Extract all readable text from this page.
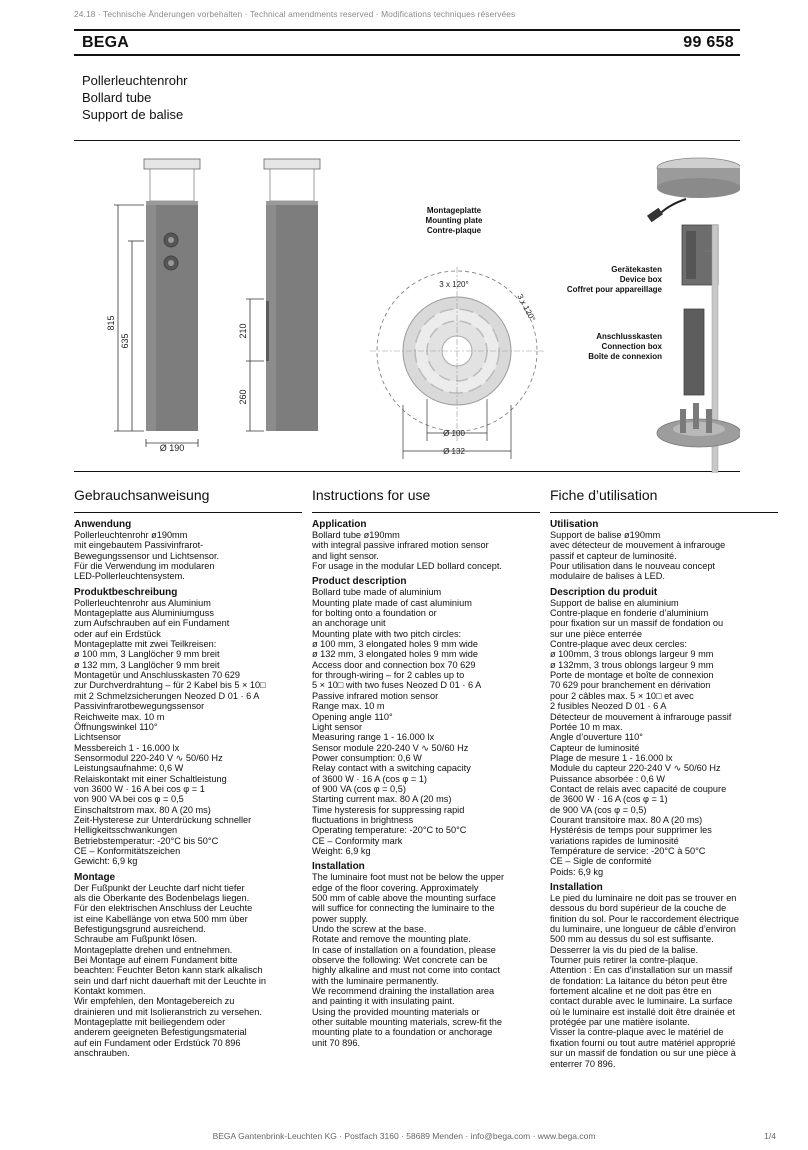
24.18 · Technische Änderungen vorbehalten · Technical amendments reserved · Modifications techniques réservées
BEGA	99 658
Pollerleuchtenrohr
Bollard tube
Support de balise
815
635
210
260
Ø 190
Montageplatte
Mounting plate
Contre-plaque
3 x 120°
3 x 120°
Ø 100
Ø 132
Gerätekasten
Device box
Coffret pour appareillage
Anschlusskasten
Connection box
Boîte de connexion
Gebrauchsanweisung
Anwendung
Pollerleuchtenrohr ø190mm
mit eingebautem Passivinfrarot-
Bewegungssensor und Lichtsensor.
Für die Verwendung im modularen
LED-Pollerleuchtensystem.
Produktbeschreibung
Pollerleuchtenrohr aus Aluminium
Montageplatte aus Aluminiumguss
zum Aufschrauben auf ein Fundament
oder auf ein Erdstück
Montageplatte mit zwei Teilkreisen:
ø 100 mm, 3 Langlöcher 9 mm breit
ø 132 mm, 3 Langlöcher 9 mm breit
Montagetür und Anschlusskasten 70 629
zur Durchverdrahtung – für 2 Kabel bis 5 × 10□
mit 2 Schmelzsicherungen Neozed D 01 · 6 A
Passivinfrarotbewegungssensor
Reichweite max. 10 m
Öffnungswinkel 110°
Lichtsensor
Messbereich 1 - 16.000 lx
Sensormodul 220-240 V ∿ 50/60 Hz
Leistungsaufnahme: 0,6 W
Relaiskontakt mit einer Schaltleistung
von 3600 W · 16 A bei cos φ = 1
von 900 VA bei cos φ = 0,5
Einschaltstrom max. 80 A (20 ms)
Zeit-Hysterese zur Unterdrückung schneller
Helligkeitsschwankungen
Betriebstemperatur: -20°C bis 50°C
CE – Konformitätszeichen
Gewicht: 6,9 kg
Montage
Der Fußpunkt der Leuchte darf nicht tiefer
als die Oberkante des Bodenbelags liegen.
Für den elektrischen Anschluss der Leuchte
ist eine Kabellänge von etwa 500 mm über
Befestigungsgrund ausreichend.
Schraube am Fußpunkt lösen.
Montageplatte drehen und entnehmen.
Bei Montage auf einem Fundament bitte
beachten: Feuchter Beton kann stark alkalisch
sein und darf nicht dauerhaft mit der Leuchte in
Kontakt kommen.
Wir empfehlen, den Montagebereich zu
drainieren und mit Isolieranstrich zu versehen.
Montageplatte mit beiliegendem oder
anderem geeigneten Befestigungsmaterial
auf ein Fundament oder Erdstück 70 896
anschrauben.
Instructions for use
Application
Bollard tube ø190mm
with integral passive infrared motion sensor
and light sensor.
For usage in the modular LED bollard concept.
Product description
Bollard tube made of aluminium
Mounting plate made of cast aluminium
for bolting onto a foundation or
an anchorage unit
Mounting plate with two pitch circles:
ø 100 mm, 3 elongated holes 9 mm wide
ø 132 mm, 3 elongated holes 9 mm wide
Access door and connection box 70 629
for through-wiring – for 2 cables up to
5 × 10□ with two fuses Neozed D 01 · 6 A
Passive infrared motion sensor
Range max. 10 m
Opening angle 110°
Light sensor
Measuring range 1 - 16.000 lx
Sensor module 220-240 V ∿ 50/60 Hz
Power consumption: 0,6 W
Relay contact with a switching capacity
of 3600 W · 16 A (cos φ = 1)
of 900 VA (cos φ = 0,5)
Starting current max. 80 A (20 ms)
Time hysteresis for suppressing rapid
fluctuations in brightness
Operating temperature: -20°C to 50°C
CE – Conformity mark
Weight: 6,9 kg
Installation
The luminaire foot must not be below the upper
edge of the floor covering. Approximately
500 mm of cable above the mounting surface
will suffice for connecting the luminaire to the
power supply.
Undo the screw at the base.
Rotate and remove the mounting plate.
In case of installation on a foundation, please
observe the following: Wet concrete can be
highly alkaline and must not come into contact
with the luminaire permanently.
We recommend draining the installation area
and painting it with insulating paint.
Using the provided mounting materials or
other suitable mounting materials, screw-fit the
mounting plate to a foundation or anchorage
unit 70 896.
Fiche d’utilisation
Utilisation
Support de balise ø190mm
avec détecteur de mouvement à infrarouge
passif et capteur de luminosité.
Pour utilisation dans le nouveau concept
modulaire de balises à LED.
Description du produit
Support de balise en aluminium
Contre-plaque en fonderie d’aluminium
pour fixation sur un massif de fondation ou
sur une pièce enterrée
Contre-plaque avec deux cercles:
ø 100mm, 3 trous oblongs largeur 9 mm
ø 132mm, 3 trous oblongs largeur 9 mm
Porte de montage et boîte de connexion
70 629 pour branchement en dérivation
pour 2 câbles max. 5 × 10□ et avec
2 fusibles Neozed D 01 · 6 A
Détecteur de mouvement à infrarouge passif
Portée 10 m max.
Angle d’ouverture 110°
Capteur de luminosité
Plage de mesure 1 - 16.000 lx
Module du capteur 220-240 V ∿ 50/60 Hz
Puissance absorbée : 0,6 W
Contact de relais avec capacité de coupure
de 3600 W · 16 A (cos φ = 1)
de 900 VA (cos φ = 0,5)
Courant transitoire max. 80 A (20 ms)
Hystérésis de temps pour supprimer les
variations rapides de luminosité
Température de service: -20°C à 50°C
CE – Sigle de conformité
Poids: 6,9 kg
Installation
Le pied du luminaire ne doit pas se trouver en
dessous du bord supérieur de la couche de
finition du sol. Pour le raccordement électrique
du luminaire, une longueur de câble d’environ
500 mm au dessus du sol est suffisante.
Desserrer la vis du pied de la balise.
Tourner puis retirer la contre-plaque.
Attention : En cas d’installation sur un massif
de fondation: La laitance du béton peut être
fortement alcaline et ne doit pas être en
contact durable avec le luminaire. La surface
où le luminaire est installé doit être drainée et
protégée par une matière isolante.
Visser la contre-plaque avec le matériel de
fixation fourni ou tout autre matériel approprié
sur un massif de fondation ou sur une pièce à
enterrer 70 896.
BEGA Gantenbrink-Leuchten KG · Postfach 3160 · 58689 Menden · info@bega.com · www.bega.com	1/4
